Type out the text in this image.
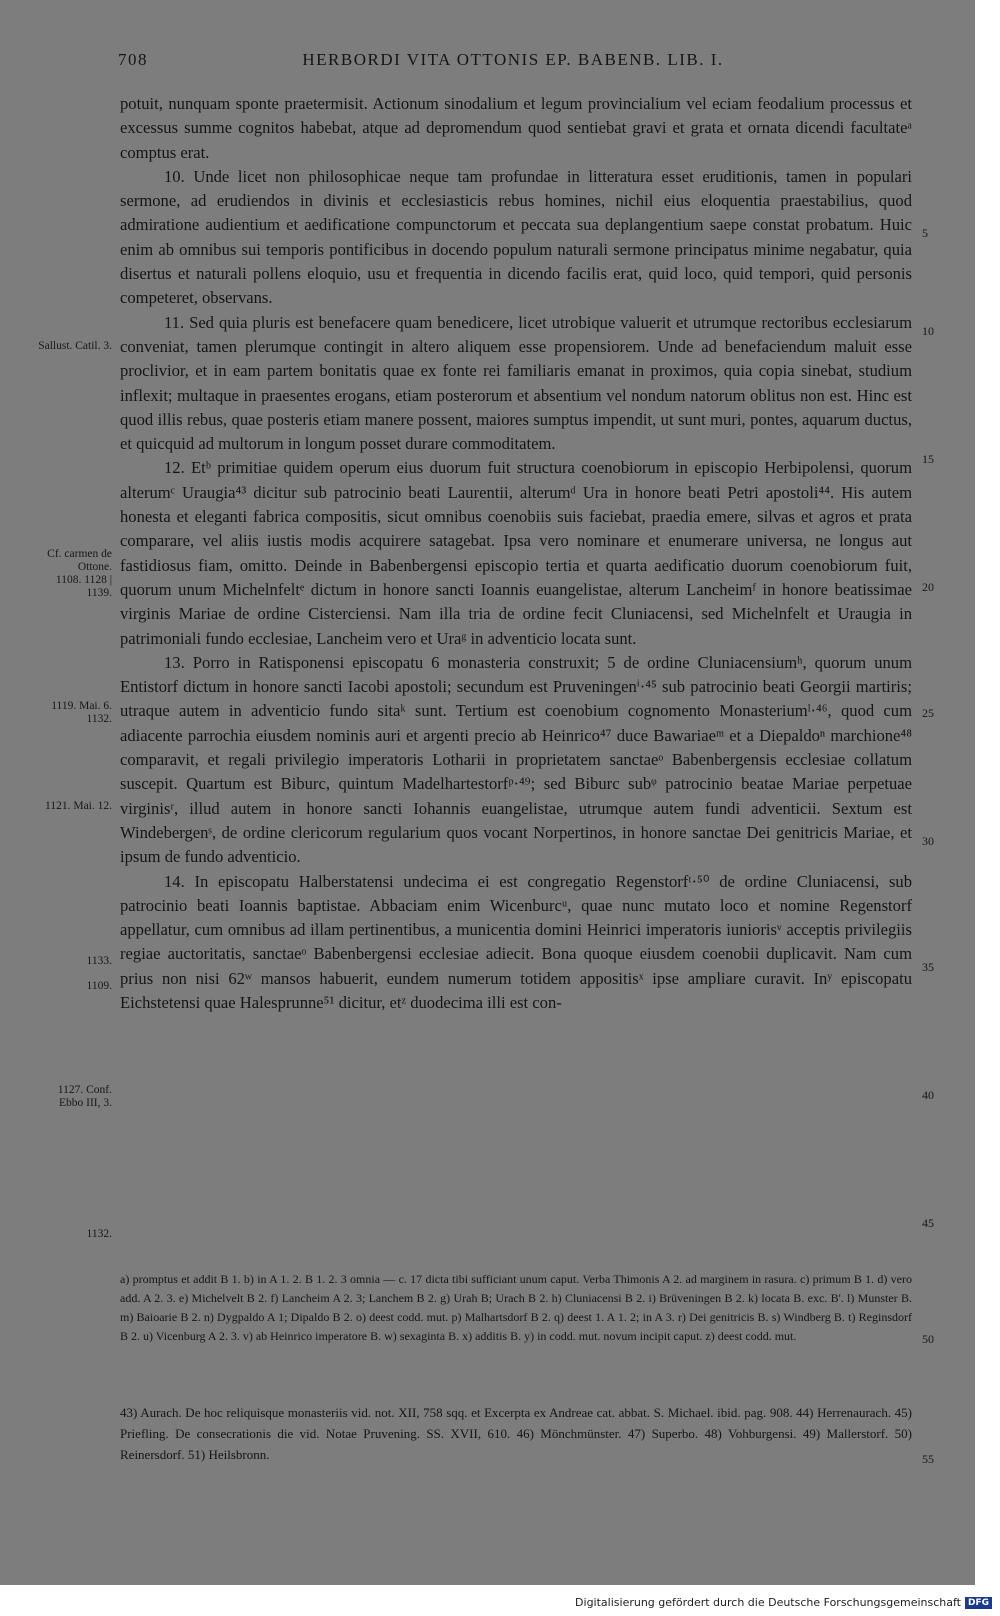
708	HERBORDI VITA OTTONIS EP. BABENB. LIB. I.

potuit, nunquam sponte praetermisit. Actionum sinodalium et legum provincialium vel eciam feodalium processus et excessus summe cognitos habebat, atque ad depromendum quod sentiebat gravi et grata et ornata dicendi facultateᵃ comptus erat.

10. Unde licet non philosophicae neque tam profundae in litteratura esset eruditionis, tamen in populari sermone, ad erudiendos in divinis et ecclesiasticis rebus homines, nichil eius eloquentia praestabilius, quod admiratione audientium et aedificatione compunctorum et peccata sua deplangentium saepe constat probatum. Huic enim ab omnibus sui temporis pontificibus in docendo populum naturali sermone principatus minime negabatur, quia disertus et naturali pollens eloquio, usu et frequentia in dicendo facilis erat, quid loco, quid tempori, quid personis competeret, observans.

11. Sed quia pluris est benefacere quam benedicere, licet utrobique valuerit et utrumque rectoribus ecclesiarum conveniat, tamen plerumque contingit in altero aliquem esse propensiorem. Unde ad benefaciendum maluit esse proclivior, et in eam partem bonitatis quae ex fonte rei familiaris emanat in proximos, quia copia sinebat, studium inflexit; multaque in praesentes erogans, etiam posterorum et absentium vel nondum natorum oblitus non est. Hinc est quod illis rebus, quae posteris etiam manere possent, maiores sumptus impendit, ut sunt muri, pontes, aquarum ductus, et quicquid ad multorum in longum posset durare commoditatem.

12. Etᵇ primitiae quidem operum eius duorum fuit structura coenobiorum in episcopio Herbipolensi, quorum alterumᶜ Uraugia⁴³ dicitur sub patrocinio beati Laurentii, alterumᵈ Ura in honore beati Petri apostoli⁴⁴. His autem honesta et eleganti fabrica compositis, sicut omnibus coenobiis suis faciebat, praedia emere, silvas et agros et prata comparare, vel aliis iustis modis acquirere satagebat. Ipsa vero nominare et enumerare universa, ne longus aut fastidiosus fiam, omitto. Deinde in Babenbergensi episcopio tertia et quarta aedificatio duorum coenobiorum fuit, quorum unum Michelnfeltᵉ dictum in honore sancti Ioannis euangelistae, alterum Lancheimᶠ in honore beatissimae virginis Mariae de ordine Cisterciensi. Nam illa tria de ordine fecit Cluniacensi, sed Michelnfelt et Uraugia in patrimoniali fundo ecclesiae, Lancheim vero et Uraᵍ in adventicio locata sunt.

13. Porro in Ratisponensi episcopatu 6 monasteria construxit; 5 de ordine Cluniacensiumʰ, quorum unum Entistorf dictum in honore sancti Iacobi apostoli; secundum est Pruveningenⁱ·⁴⁵ sub patrocinio beati Georgii martiris; utraque autem in adventicio fundo sitaᵏ sunt. Tertium est coenobium cognomento Monasteriumˡ·⁴⁶, quod cum adiacente parrochia eiusdem nominis auri et argenti precio ab Heinrico⁴⁷ duce Bawariaeᵐ et a Diepaldoⁿ marchione⁴⁸ comparavit, et regali privilegio imperatoris Lotharii in proprietatem sanctaeᵒ Babenbergensis ecclesiae collatum suscepit. Quartum est Biburc, quintum Madelhartestorfᵖ·⁴⁹; sed Biburc subᵠ patrocinio beatae Mariae perpetuae virginisʳ, illud autem in honore sancti Iohannis euangelistae, utrumque autem fundi adventicii. Sextum est Windebergenˢ, de ordine clericorum regularium quos vocant Norpertinos, in honore sanctae Dei genitricis Mariae, et ipsum de fundo adventicio.

14. In episcopatu Halberstatensi undecima ei est congregatio Regenstorfᵗ·⁵⁰ de ordine Cluniacensi, sub patrocinio beati Ioannis baptistae. Abbaciam enim Wicenburcᵘ, quae nunc mutato loco et nomine Regenstorf appellatur, cum omnibus ad illam pertinentibus, a municentia domini Heinrici imperatoris iuniorisᵛ acceptis privilegiis regiae auctoritatis, sanctaeᵒ Babenbergensi ecclesiae adiecit. Bona quoque eiusdem coenobii duplicavit. Nam cum prius non nisi 62ʷ mansos habuerit, eundem numerum totidem appositisˣ ipse ampliare curavit. Inʸ episcopatu Eichstetensi quae Halesprunne⁵¹ dicitur, etᶻ duodecima illi est con-

Sallust. Catil. 3.
Cf. carmen de Ottone.
1108. 1128 | 1139.
1119. Mai. 6. 1132.
1121. Mai. 12.
1133.
1109.
1127. Conf. Ebbo III, 3.
1132.
5
10
15
20
25
30
35
40
45
50
55
a) promptus et addit B 1. b) in A 1. 2. B 1. 2. 3 omnia — c. 17 dicta tibi sufficiant unum caput. Verba Thimonis A 2. ad marginem in rasura. c) primum B 1. d) vero add. A 2. 3. e) Michelvelt B 2. f) Lancheim A 2. 3; Lanchem B 2. g) Urah B; Urach B 2. h) Cluniacensi B 2. i) Brüveningen B 2. k) locata B. exc. B'. l) Munster B. m) Baioarie B 2. n) Dygpaldo A 1; Dipaldo B 2. o) deest codd. mut. p) Malhartsdorf B 2. q) deest 1. A 1. 2; in A 3. r) Dei genitricis B. s) Windberg B. t) Reginsdorf B 2. u) Vicenburg A 2. 3. v) ab Heinrico imperatore B. w) sexaginta B. x) additis B. y) in codd. mut. novum incipit caput. z) deest codd. mut.
43) Aurach. De hoc reliquisque monasteriis vid. not. XII, 758 sqq. et Excerpta ex Andreae cat. abbat. S. Michael. ibid. pag. 908. 44) Herrenaurach. 45) Priefling. De consecrationis die vid. Notae Pruvening. SS. XVII, 610. 46) Mönchmünster. 47) Superbo. 48) Vohburgensi. 49) Mallerstorf. 50) Reinersdorf. 51) Heilsbronn.
Digitalisierung gefördert durch die Deutsche Forschungsgemeinschaft DFG
